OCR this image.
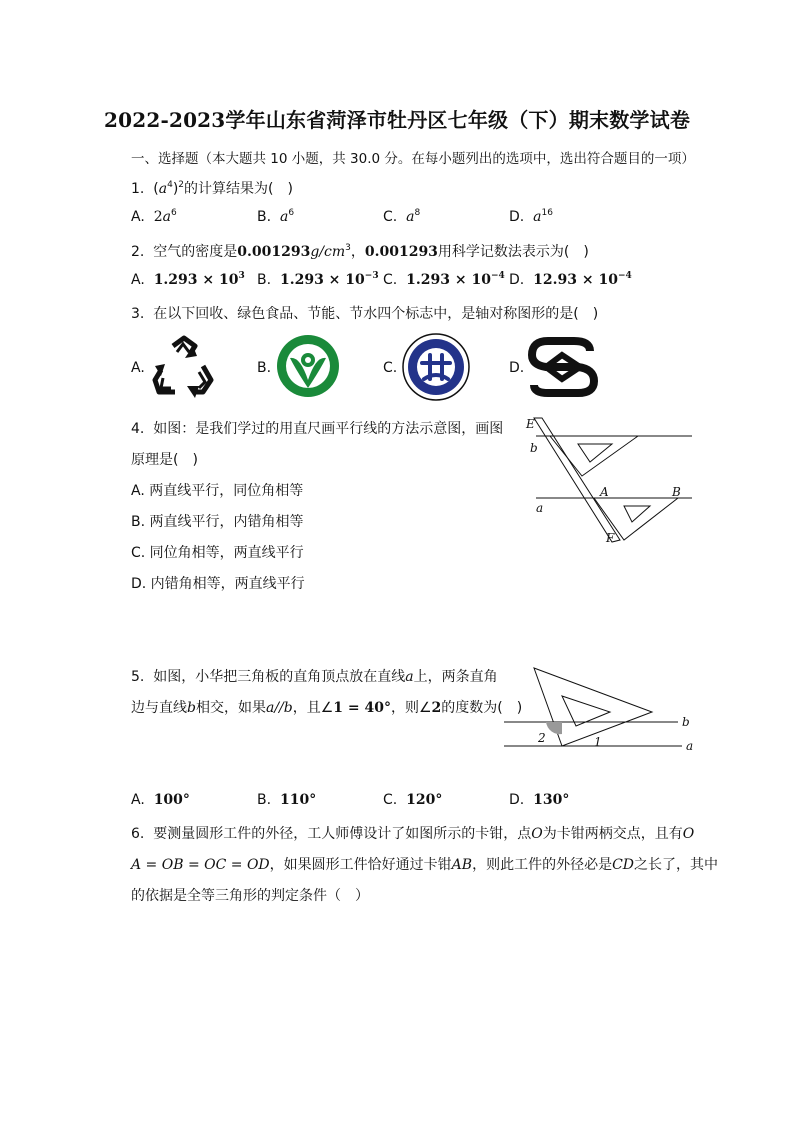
2022-2023学年山东省菏泽市牡丹区七年级（下）期末数学试卷
一、选择题（本大题共 10 小题，共 30.0 分。在每小题列出的选项中，选出符合题目的一项）
1. $(a^4)^2$的计算结果为( )
A. $2a^6$	B. $a^6$	C. $a^8$	D. $a^{16}$
2. 空气的密度是$0.001293g/cm^3$，0.001293用科学记数法表示为( )
A. $1.293 \times 10^3$ B. $1.293 \times 10^{-3}$ C. $1.293 \times 10^{-4}$ D. $12.93 \times 10^{-4}$
3. 在以下回收、绿色食品、节能、节水四个标志中，是轴对称图形的是( )
A.	B.	C.	D.
4. 如图：是我们学过的用直尺画平行线的方法示意图，画图
原理是( )
A. 两直线平行，同位角相等
B. 两直线平行，内错角相等
C. 同位角相等，两直线平行
D. 内错角相等，两直线平行
E
b
a
A	B
F
5. 如图，小华把三角板的直角顶点放在直线a上，两条直角
边与直线b相交，如果a//b，且∠1 = 40°，则∠2的度数为( )
2	1
b
a
A. 100°	B. 110°	C. 120°	D. 130°
6. 要测量圆形工件的外径，工人师傅设计了如图所示的卡钳，点O为卡钳两柄交点，且有O
A = OB = OC = OD，如果圆形工件恰好通过卡钳AB，则此工件的外径必是CD之长了，其中
的依据是全等三角形的判定条件（ ）
